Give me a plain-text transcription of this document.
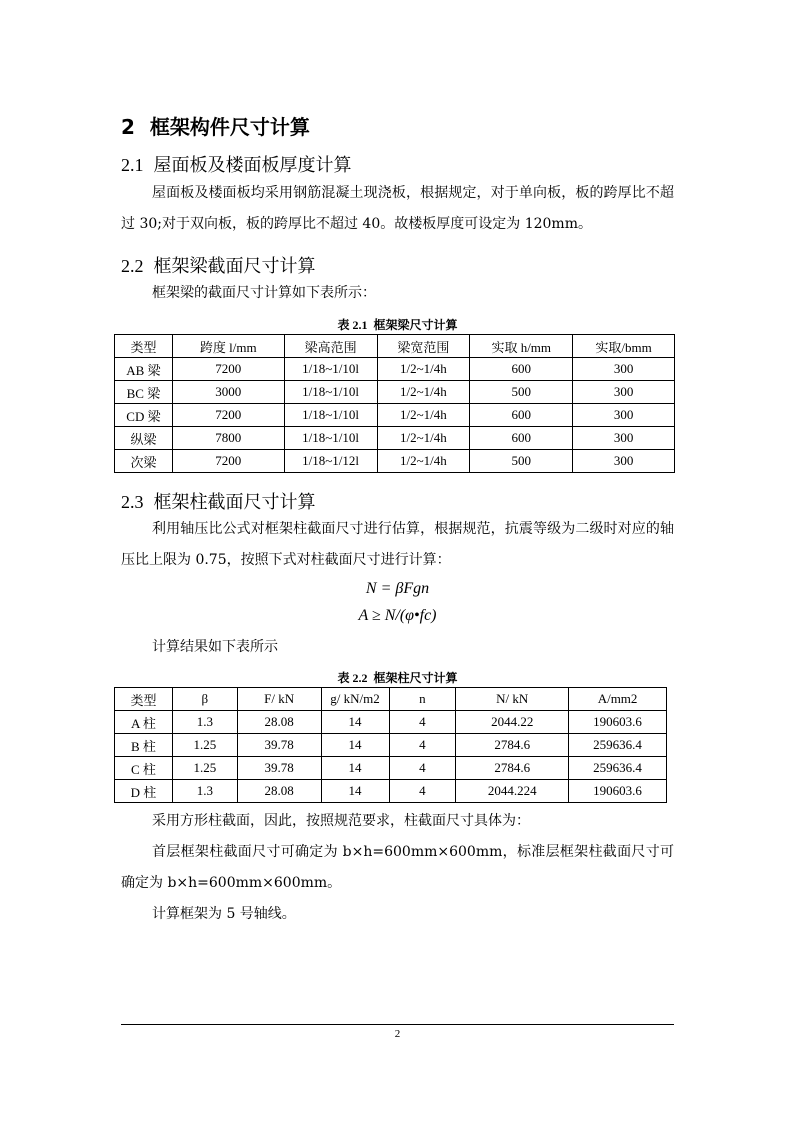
2 框架构件尺寸计算
2.1 屋面板及楼面板厚度计算
屋面板及楼面板均采用钢筋混凝土现浇板，根据规定，对于单向板，板的跨厚比不超过 30;对于双向板，板的跨厚比不超过 40。故楼板厚度可设定为 120mm。
2.2 框架梁截面尺寸计算
框架梁的截面尺寸计算如下表所示：
表 2.1 框架梁尺寸计算
类型	跨度 l/mm	梁高范围	梁宽范围	实取 h/mm	实取/bmm
AB 梁	7200	1/18~1/10l	1/2~1/4h	600	300
BC 梁	3000	1/18~1/10l	1/2~1/4h	500	300
CD 梁	7200	1/18~1/10l	1/2~1/4h	600	300
纵梁	7800	1/18~1/10l	1/2~1/4h	600	300
次梁	7200	1/18~1/12l	1/2~1/4h	500	300
2.3 框架柱截面尺寸计算
利用轴压比公式对框架柱截面尺寸进行估算，根据规范，抗震等级为二级时对应的轴压比上限为 0.75，按照下式对柱截面尺寸进行计算：
N = βFgn
A ≥ N/(φ•fc)
计算结果如下表所示
表 2.2 框架柱尺寸计算
类型	β	F/ kN	g/ kN/m2	n	N/ kN	A/mm2
A 柱	1.3	28.08	14	4	2044.22	190603.6
B 柱	1.25	39.78	14	4	2784.6	259636.4
C 柱	1.25	39.78	14	4	2784.6	259636.4
D 柱	1.3	28.08	14	4	2044.224	190603.6
采用方形柱截面，因此，按照规范要求，柱截面尺寸具体为：
首层框架柱截面尺寸可确定为 b×h=600mm×600mm，标准层框架柱截面尺寸可确定为 b×h=600mm×600mm。
计算框架为 5 号轴线。
2
